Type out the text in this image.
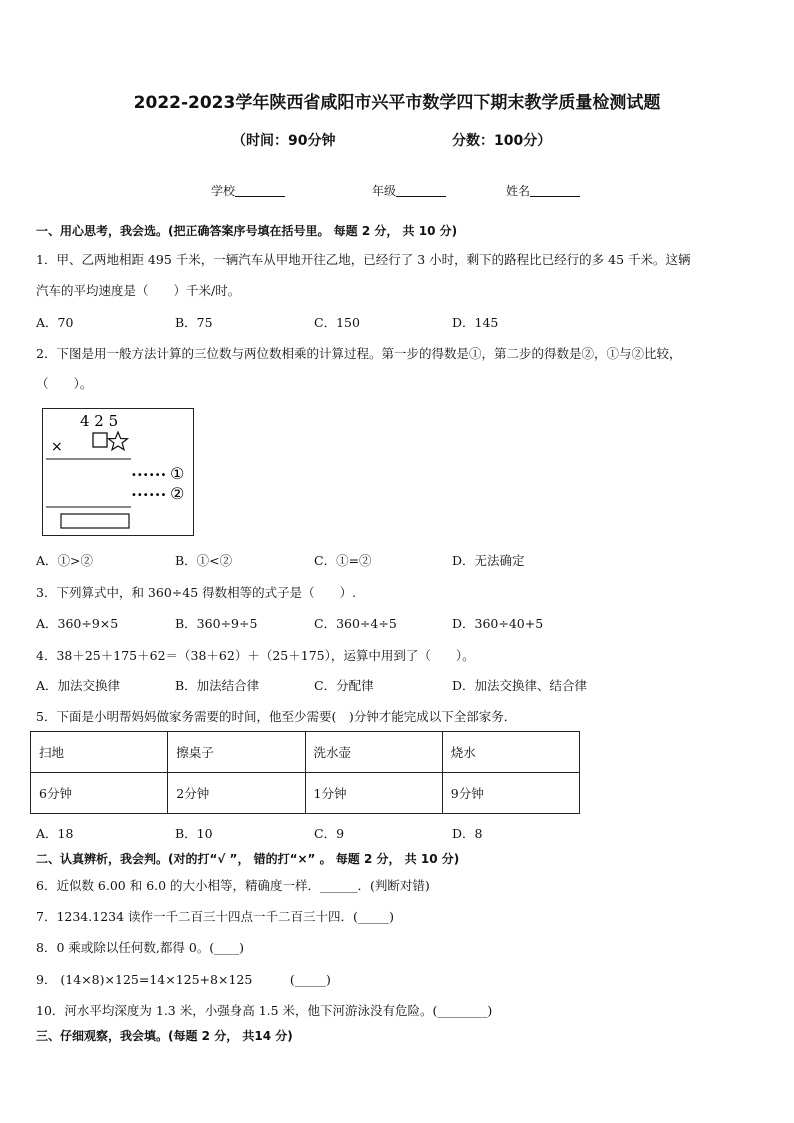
2022-2023学年陕西省咸阳市兴平市数学四下期末教学质量检测试题
（时间：90分钟	分数：100分）
学校	年级	姓名
一、用心思考，我会选。(把正确答案序号填在括号里。 每题 2 分， 共 10 分)
1．甲、乙两地相距 495 千米，一辆汽车从甲地开往乙地，已经行了 3 小时，剩下的路程比已经行的多 45 千米。这辆
汽车的平均速度是（　　）千米/时。
A．70	B．75	C．150	D．145
2．下图是用一般方法计算的三位数与两位数相乘的计算过程。第一步的得数是①，第二步的得数是②，①与②比较，
（　　）。
4 2 5
×
•••••• ①
•••••• ②
A．①>②	B．①<②	C．①=②	D．无法确定
3．下列算式中，和 360÷45 得数相等的式子是（　　）.
A．360÷9×5	B．360÷9÷5	C．360÷4÷5	D．360÷40+5
4．38＋25＋175＋62＝（38＋62）＋（25＋175），运算中用到了（　　）。
A．加法交换律	B．加法结合律	C．分配律	D．加法交换律、结合律
5．下面是小明帮妈妈做家务需要的时间，他至少需要(　)分钟才能完成以下全部家务．
扫地	擦桌子	洗水壶	烧水
6分钟	2分钟	1分钟	9分钟
A．18	B．10	C．9	D．8
二、认真辨析，我会判。(对的打“√ ”， 错的打“×” 。 每题 2 分， 共 10 分)
6．近似数 6.00 和 6.0 的大小相等，精确度一样．______．(判断对错)
7．1234.1234 读作一千二百三十四点一千二百三十四．(_____)
8．0 乘或除以任何数,都得 0。(____)
9． (14×8)×125=14×125+8×125　　　(_____)
10．河水平均深度为 1.3 米，小强身高 1.5 米，他下河游泳没有危险。(________)
三、仔细观察，我会填。(每题 2 分， 共14 分)
